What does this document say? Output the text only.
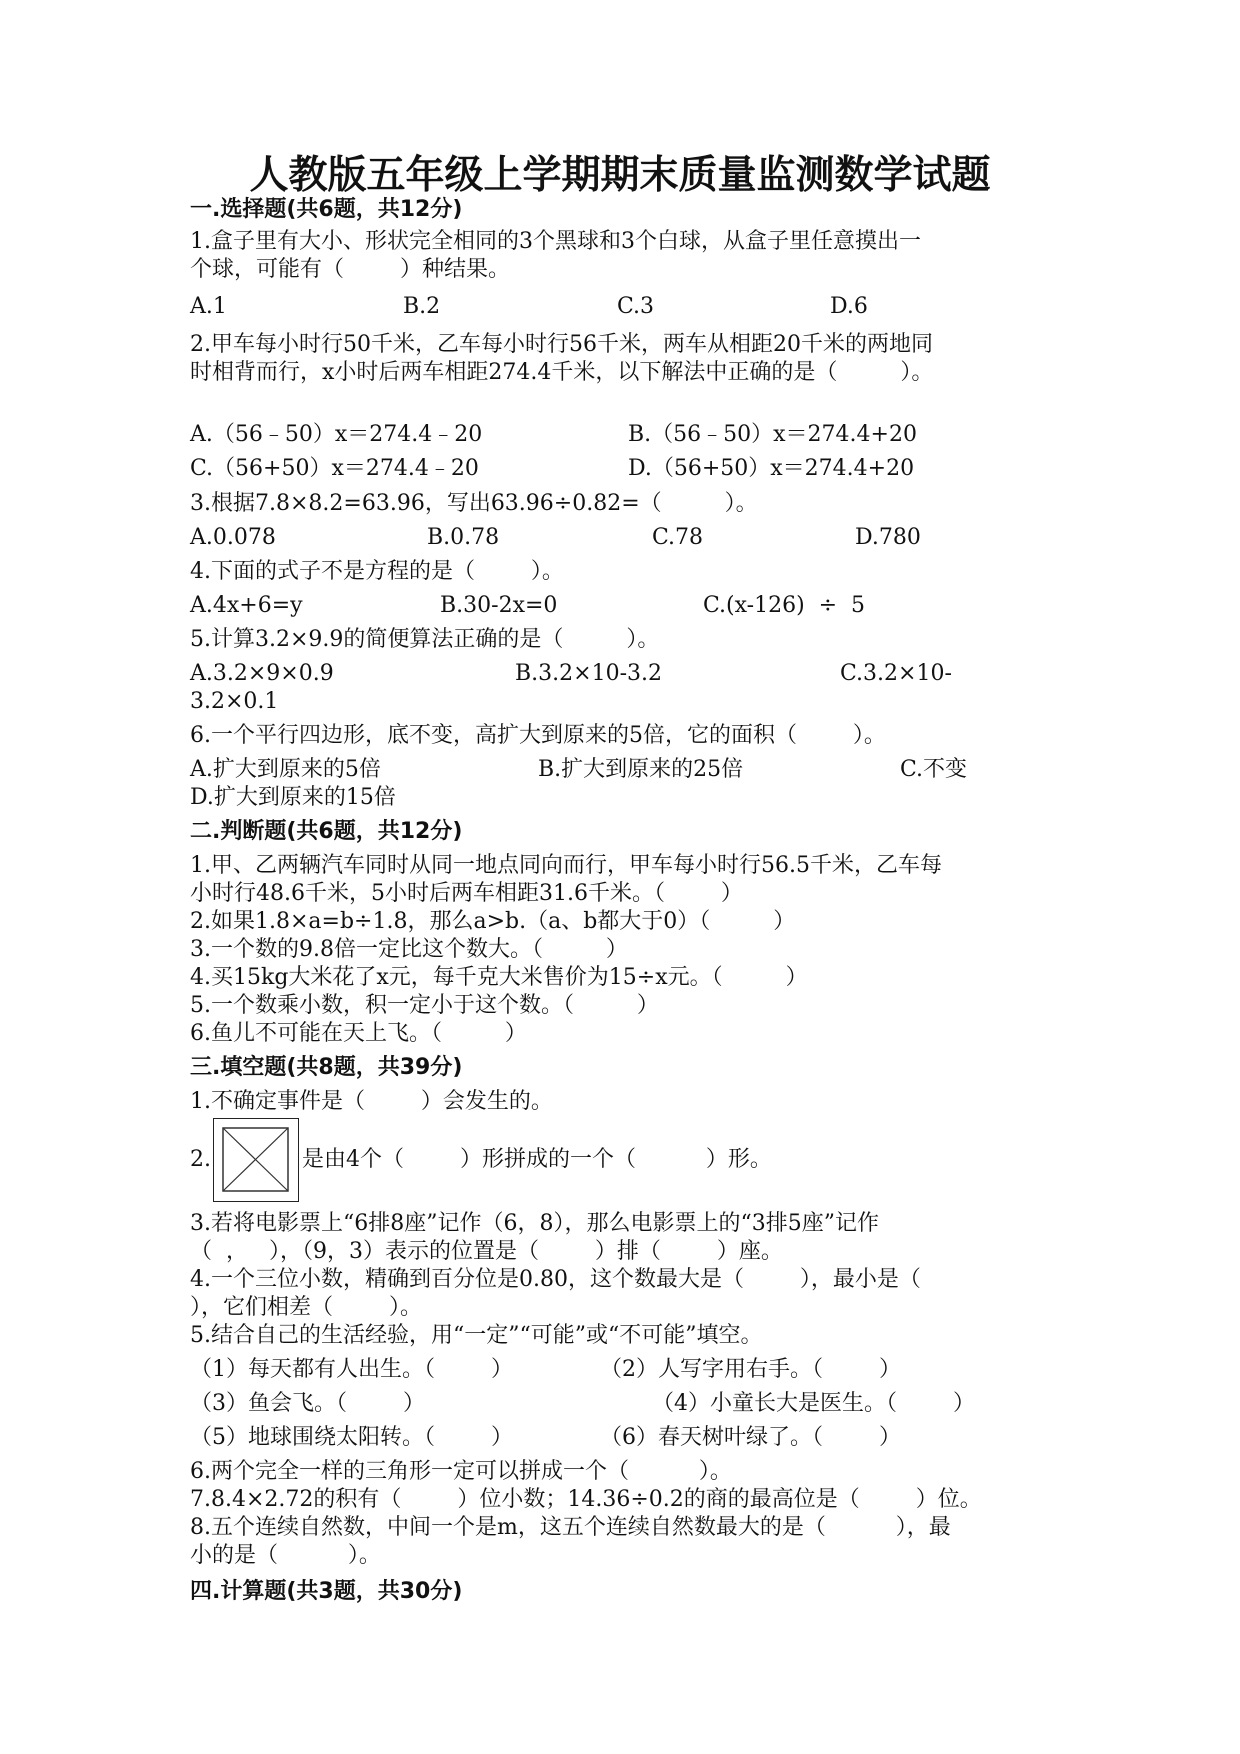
人教版五年级上学期期末质量监测数学试题
一.选择题(共6题，共12分)
1.盒子里有大小、形状完全相同的3个黑球和3个白球，从盒子里任意摸出一
个球，可能有（        ）种结果。
A.1	B.2	C.3	D.6
2.甲车每小时行50千米，乙车每小时行56千米，两车从相距20千米的两地同
时相背而行，x小时后两车相距274.4千米，以下解法中正确的是（         ）。
A.（56﹣50）x＝274.4﹣20	B.（56﹣50）x＝274.4+20
C.（56+50）x＝274.4﹣20	D.（56+50）x＝274.4+20
3.根据7.8×8.2=63.96，写出63.96÷0.82=（         ）。
A.0.078	B.0.78	C.78	D.780
4.下面的式子不是方程的是（        ）。
A.4x+6=y	B.30-2x=0	C.(x-126)  ÷  5
5.计算3.2×9.9的简便算法正确的是（         ）。
A.3.2×9×0.9	B.3.2×10-3.2	C.3.2×10-
3.2×0.1
6.一个平行四边形，底不变，高扩大到原来的5倍，它的面积（        ）。
A.扩大到原来的5倍	B.扩大到原来的25倍	C.不变
D.扩大到原来的15倍
二.判断题(共6题，共12分)
1.甲、乙两辆汽车同时从同一地点同向而行，甲车每小时行56.5千米，乙车每
小时行48.6千米，5小时后两车相距31.6千米。（        ）
2.如果1.8×a=b÷1.8，那么a>b.（a、b都大于0）（         ）
3.一个数的9.8倍一定比这个数大。（         ）
4.买15kg大米花了x元，每千克大米售价为15÷x元。（         ）
5.一个数乘小数，积一定小于这个数。（         ）
6.鱼儿不可能在天上飞。（         ）
三.填空题(共8题，共39分)
1.不确定事件是（        ）会发生的。
2.	是由4个（        ）形拼成的一个（          ）形。
3.若将电影票上“6排8座”记作（6，8），那么电影票上的“3排5座”记作
（  ，   ），（9，3）表示的位置是（        ）排（        ）座。
4.一个三位小数，精确到百分位是0.80，这个数最大是（        ），最小是（
），它们相差（        ）。
5.结合自己的生活经验，用“一定”“可能”或“不可能”填空。
（1）每天都有人出生。（        ）	（2）人写字用右手。（        ）
（3）鱼会飞。（        ）	（4）小童长大是医生。（        ）
（5）地球围绕太阳转。（        ）	（6）春天树叶绿了。（        ）
6.两个完全一样的三角形一定可以拼成一个（          ）。
7.8.4×2.72的积有（        ）位小数；14.36÷0.2的商的最高位是（        ）位。
8.五个连续自然数，中间一个是m，这五个连续自然数最大的是（          ），最
小的是（          ）。
四.计算题(共3题，共30分)
